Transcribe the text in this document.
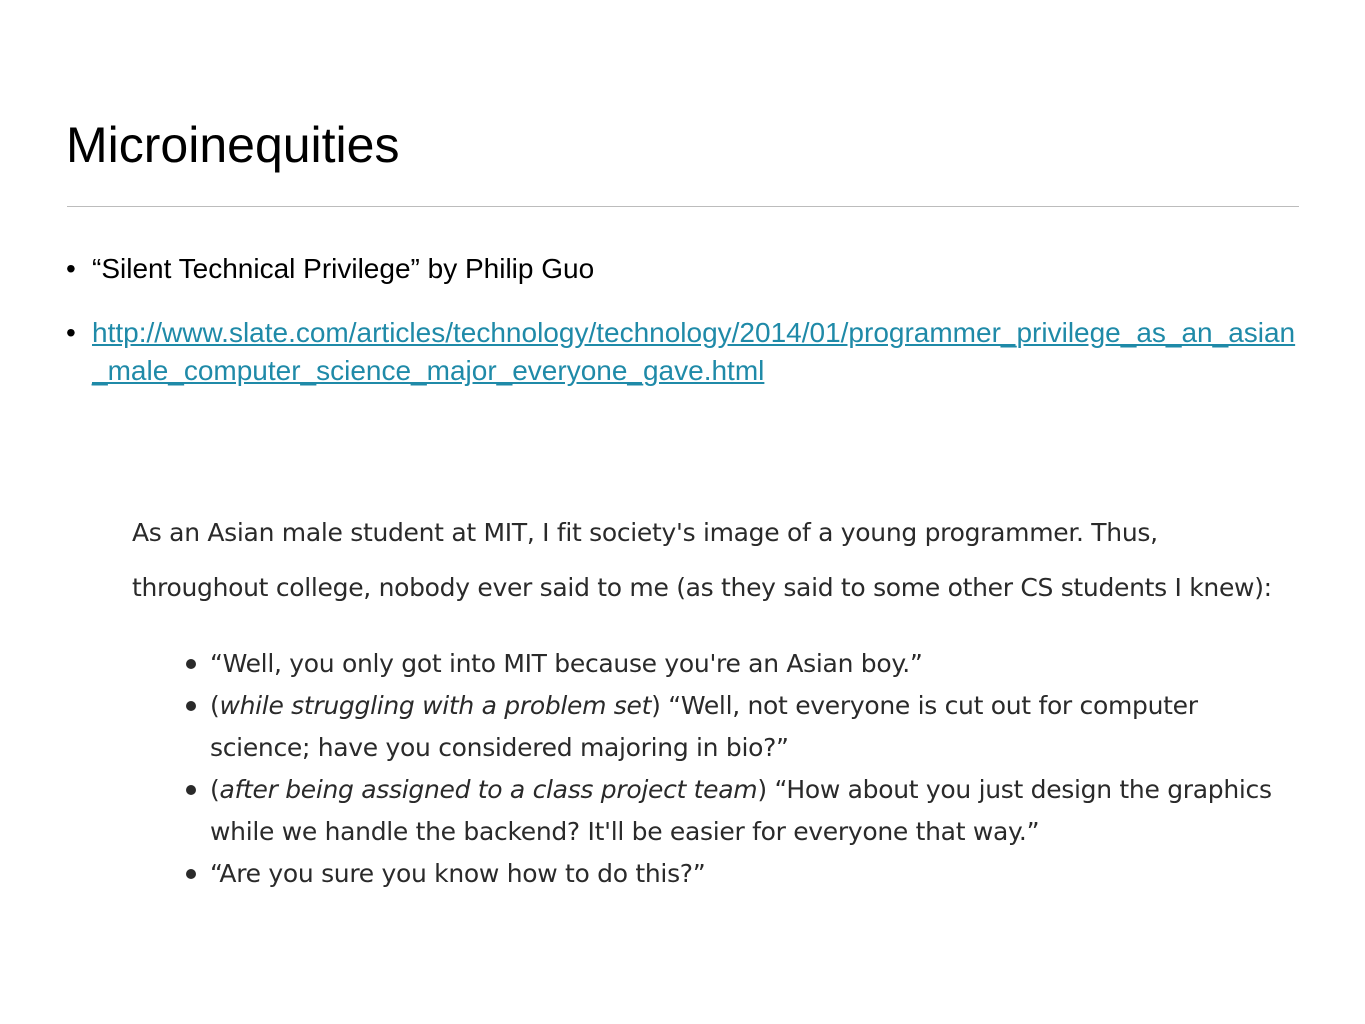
Microinequities
• “Silent Technical Privilege” by Philip Guo
• http://www.slate.com/articles/technology/technology/2014/01/programmer_privilege_as_an_asian_male_computer_science_major_everyone_gave.html

As an Asian male student at MIT, I fit society's image of a young programmer. Thus, throughout college, nobody ever said to me (as they said to some other CS students I knew):

“Well, you only got into MIT because you're an Asian boy.”
(while struggling with a problem set) “Well, not everyone is cut out for computer science; have you considered majoring in bio?”
(after being assigned to a class project team) “How about you just design the graphics while we handle the backend? It'll be easier for everyone that way.”
“Are you sure you know how to do this?”
